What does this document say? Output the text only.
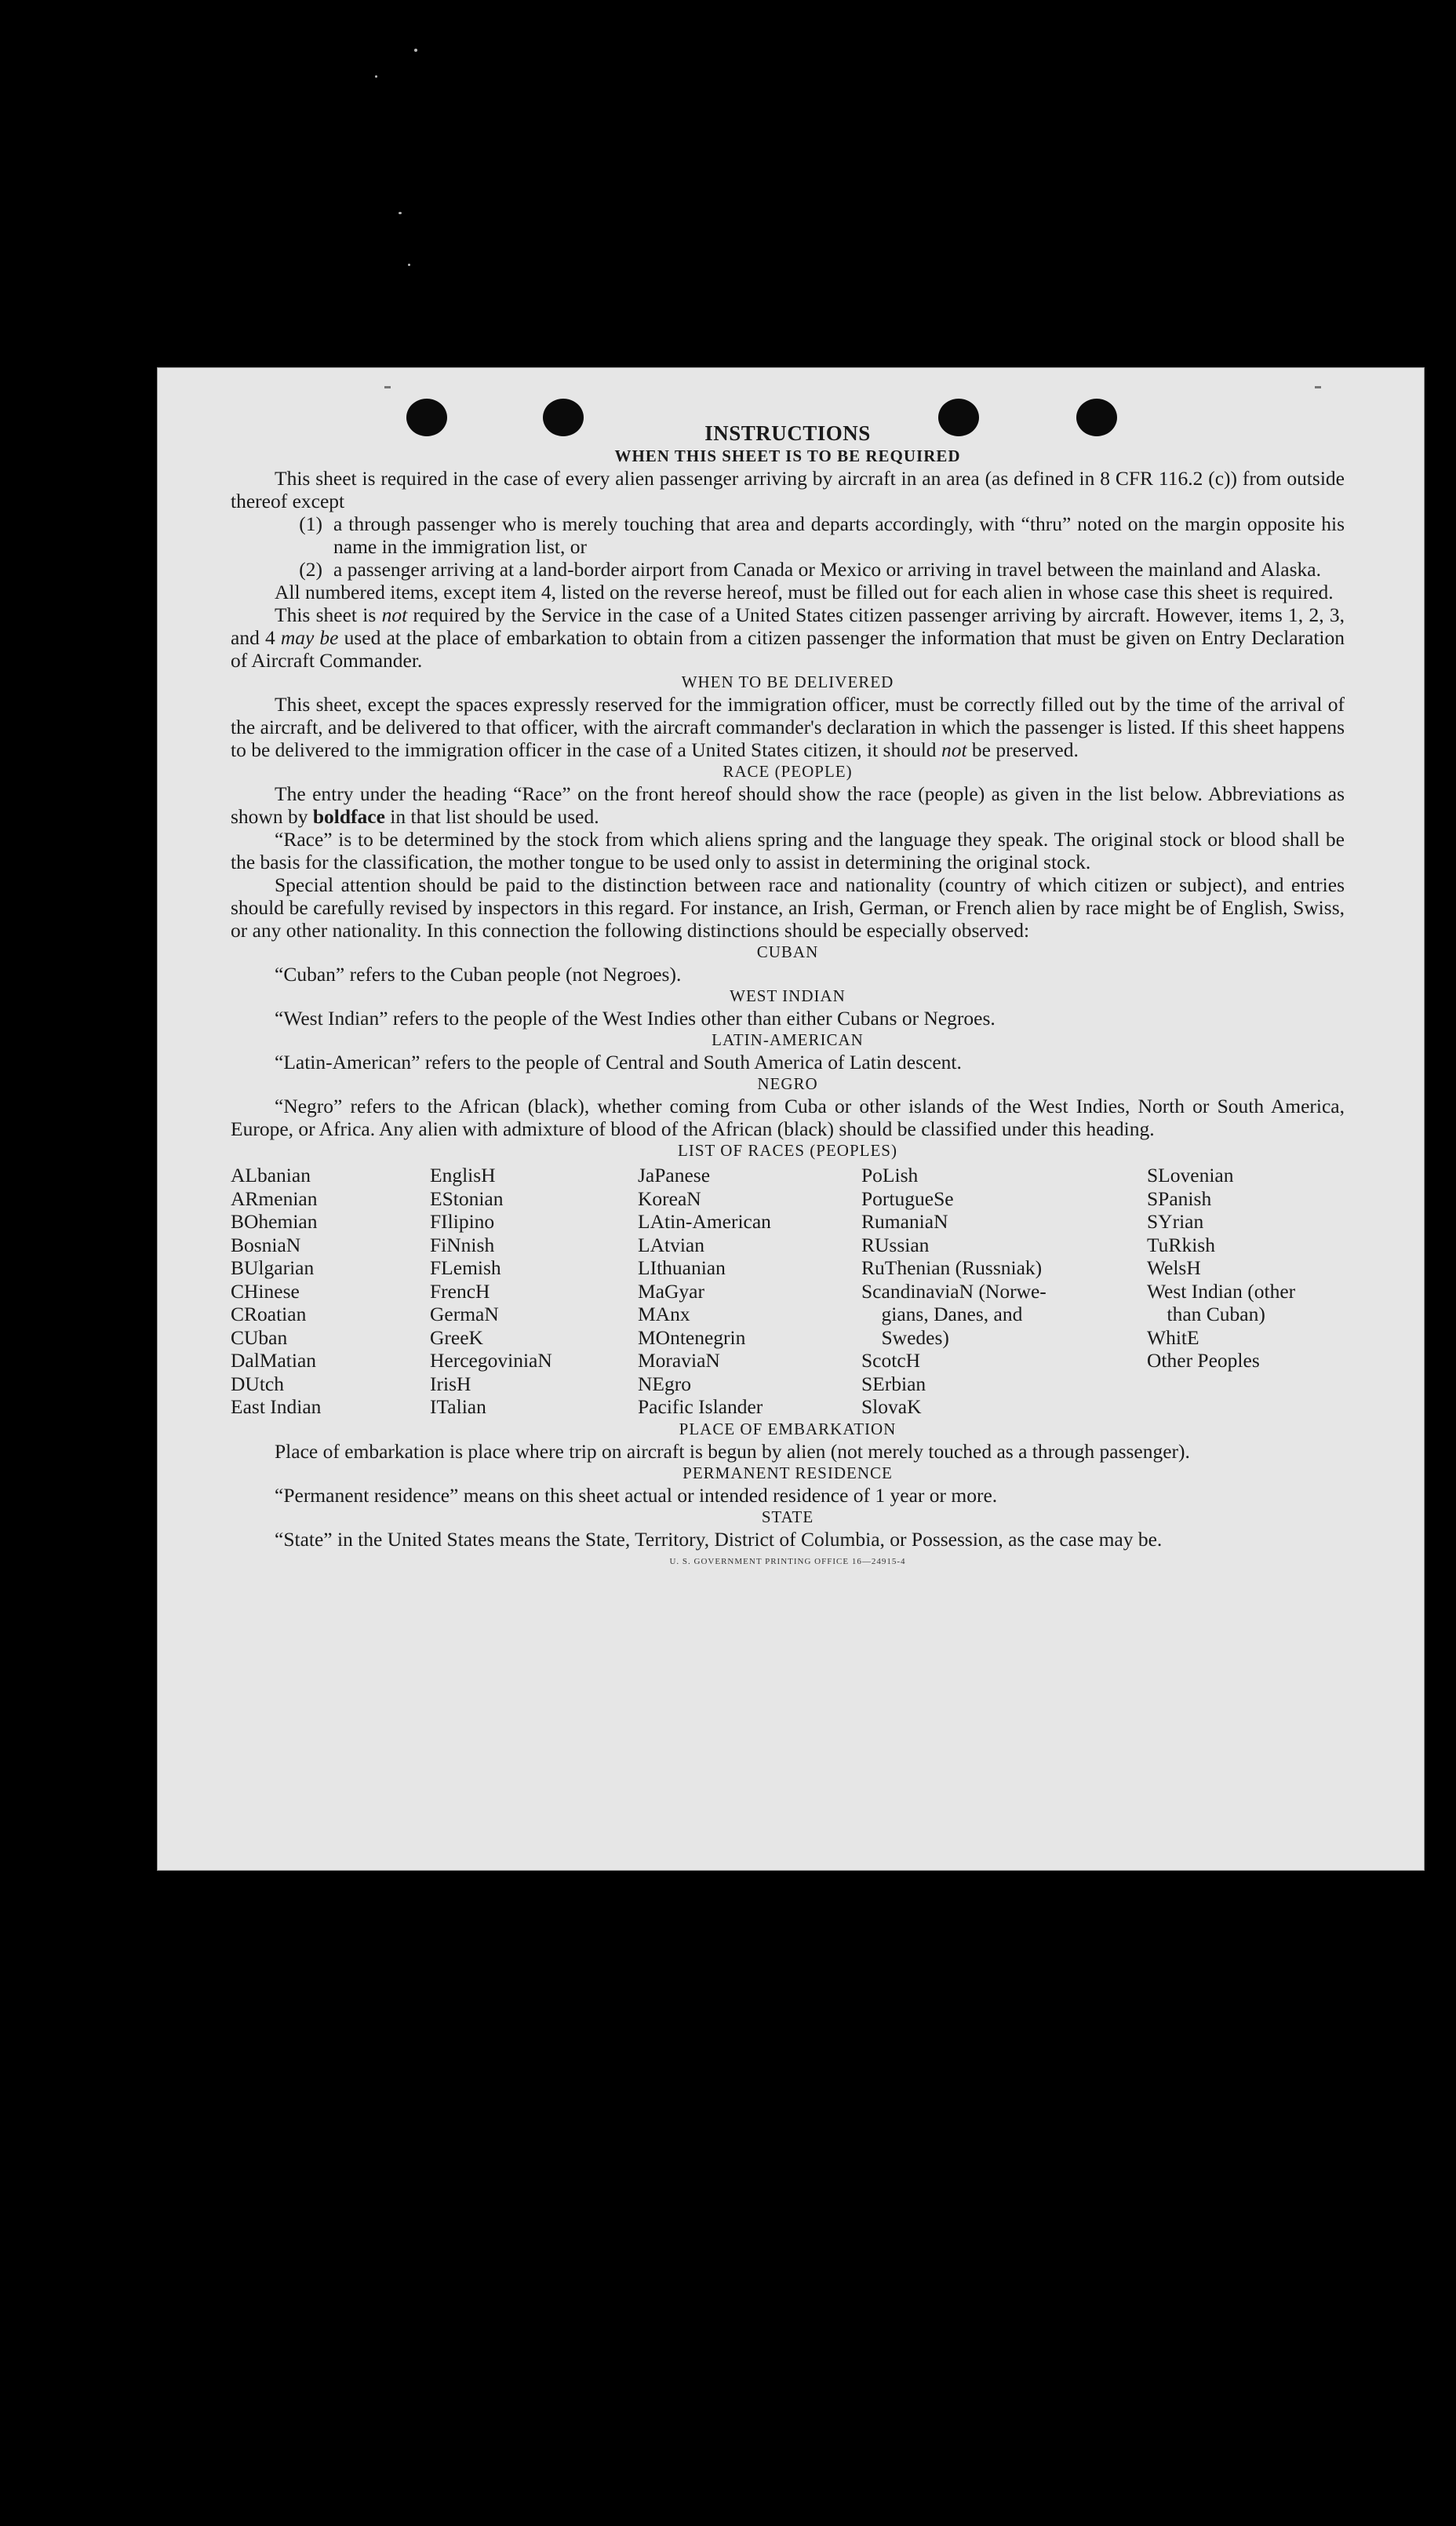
INSTRUCTIONS

WHEN THIS SHEET IS TO BE REQUIRED

This sheet is required in the case of every alien passenger arriving by aircraft in an area (as defined in 8 CFR 116.2 (c)) from outside thereof except

(1) a through passenger who is merely touching that area and departs accordingly, with “thru” noted on the margin opposite his name in the immigration list, or
(2) a passenger arriving at a land-border airport from Canada or Mexico or arriving in travel between the mainland and Alaska.

All numbered items, except item 4, listed on the reverse hereof, must be filled out for each alien in whose case this sheet is required.

This sheet is not required by the Service in the case of a United States citizen passenger arriving by aircraft. However, items 1, 2, 3, and 4 may be used at the place of embarkation to obtain from a citizen passenger the information that must be given on Entry Declaration of Aircraft Commander.

WHEN TO BE DELIVERED

This sheet, except the spaces expressly reserved for the immigration officer, must be correctly filled out by the time of the arrival of the aircraft, and be delivered to that officer, with the aircraft commander's declaration in which the passenger is listed. If this sheet happens to be delivered to the immigration officer in the case of a United States citizen, it should not be preserved.

RACE (PEOPLE)

The entry under the heading “Race” on the front hereof should show the race (people) as given in the list below. Abbreviations as shown by boldface in that list should be used.

“Race” is to be determined by the stock from which aliens spring and the language they speak. The original stock or blood shall be the basis for the classification, the mother tongue to be used only to assist in determining the original stock.

Special attention should be paid to the distinction between race and nationality (country of which citizen or subject), and entries should be carefully revised by inspectors in this regard. For instance, an Irish, German, or French alien by race might be of English, Swiss, or any other nationality. In this connection the following distinctions should be especially observed:

CUBAN

“Cuban” refers to the Cuban people (not Negroes).

WEST INDIAN

“West Indian” refers to the people of the West Indies other than either Cubans or Negroes.

LATIN-AMERICAN

“Latin-American” refers to the people of Central and South America of Latin descent.

NEGRO

“Negro” refers to the African (black), whether coming from Cuba or other islands of the West Indies, North or South America, Europe, or Africa. Any alien with admixture of blood of the African (black) should be classified under this heading.

LIST OF RACES (PEOPLES)

ALbanian
ARmenian
BOhemian
BosniaN
BUlgarian
CHinese
CRoatian
CUban
DalMatian
DUtch
East Indian
EnglisH
EStonian
FIlipino
FiNnish
FLemish
FrencH
GermaN
GreeK
HercegoviniaN
IrisH
ITalian
JaPanese
KoreaN
LAtin-American
LAtvian
LIthuanian
MaGyar
MAnx
MOntenegrin
MoraviaN
NEgro
Pacific Islander
PoLish
PortugueSe
RumaniaN
RUssian
RuThenian (Russniak)
ScandinaviaN (Norwe-
 gians, Danes, and
 Swedes)
ScotcH
SErbian
SlovaK
SLovenian
SPanish
SYrian
TuRkish
WelsH
West Indian (other
 than Cuban)
WhitE
Other Peoples

PLACE OF EMBARKATION

Place of embarkation is place where trip on aircraft is begun by alien (not merely touched as a through passenger).

PERMANENT RESIDENCE

“Permanent residence” means on this sheet actual or intended residence of 1 year or more.

STATE

“State” in the United States means the State, Territory, District of Columbia, or Possession, as the case may be.

U. S. GOVERNMENT PRINTING OFFICE 16—24915-4
